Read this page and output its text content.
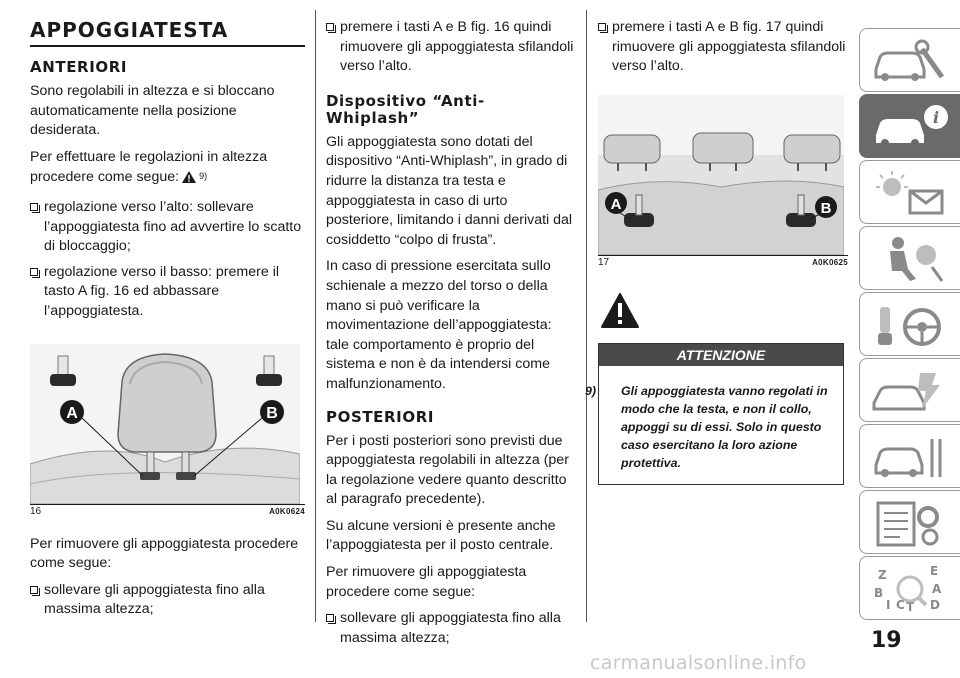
APPOGGIATESTA
ANTERIORI

Sono regolabili in altezza e si bloccano automaticamente nella posizione desiderata.

Per effettuare le regolazioni in altezza procedere come segue: 9)

regolazione verso l’alto: sollevare l’appoggiatesta fino ad avvertire lo scatto di bloccaggio;
regolazione verso il basso: premere il tasto A fig. 16 ed abbassare l’appoggiatesta.
A	B
16	A0K0624

Per rimuovere gli appoggiatesta procedere come segue:

sollevare gli appoggiatesta fino alla massima altezza;
premere i tasti A e B fig. 16 quindi rimuovere gli appoggiatesta sfilandoli verso l’alto.
Dispositivo “Anti-Whiplash”

Gli appoggiatesta sono dotati del dispositivo “Anti-Whiplash”, in grado di ridurre la distanza tra testa e appoggiatesta in caso di urto posteriore, limitando i danni derivati dal cosiddetto “colpo di frusta”.

In caso di pressione esercitata sullo schienale a mezzo del torso o della mano si può verificare la movimentazione dell’appoggiatesta: tale comportamento è proprio del sistema e non è da intendersi come malfunzionamento.

POSTERIORI

Per i posti posteriori sono previsti due appoggiatesta regolabili in altezza (per la regolazione vedere quanto descritto al paragrafo precedente).

Su alcune versioni è presente anche l’appoggiatesta per il posto centrale.

Per rimuovere gli appoggiatesta procedere come segue:

sollevare gli appoggiatesta fino alla massima altezza;
premere i tasti A e B fig. 17 quindi rimuovere gli appoggiatesta sfilandoli verso l’alto.
A	B
17	A0K0625
ATTENZIONE
9) Gli appoggiatesta vanno regolati in modo che la testa, e non il collo, appoggi su di essi. Solo in questo caso esercitano la loro azione protettiva.
i
Z	E
B	A
I C T D
19
carmanualsonline.info
